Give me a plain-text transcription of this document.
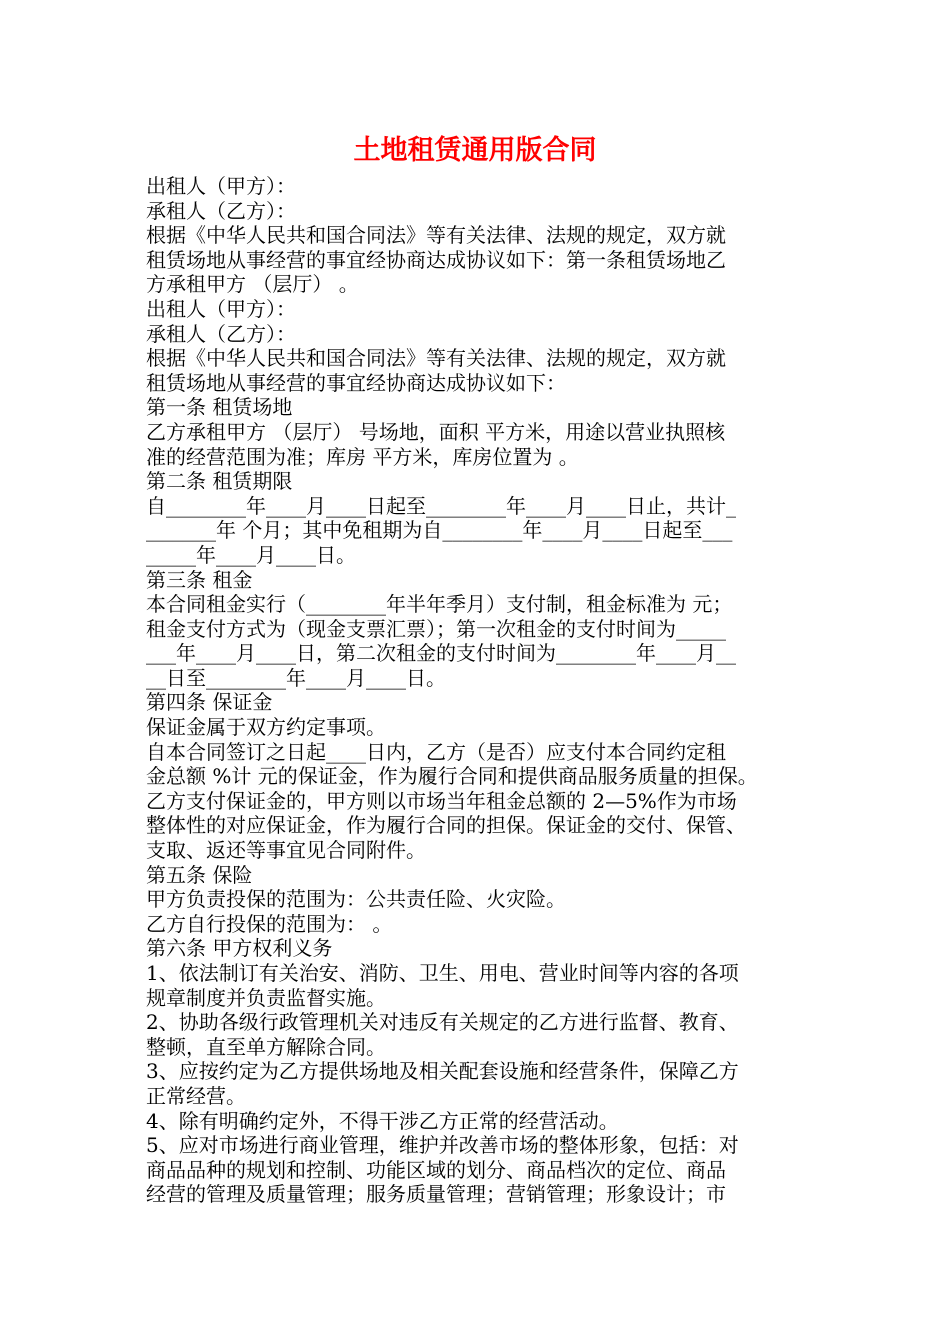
土地租赁通用版合同
出租人（甲方）：
承租人（乙方）：
根据《中华人民共和国合同法》等有关法律、法规的规定，双方就
租赁场地从事经营的事宜经协商达成协议如下：第一条租赁场地乙
方承租甲方 （层厅） 。
出租人（甲方）：
承租人（乙方）：
根据《中华人民共和国合同法》等有关法律、法规的规定，双方就
租赁场地从事经营的事宜经协商达成协议如下：
第一条 租赁场地
乙方承租甲方 （层厅） 号场地，面积 平方米，用途以营业执照核
准的经营范围为准；库房 平方米，库房位置为 。
第二条 租赁期限
自________年____月____日起至________年____月____日止，共计_
_______年 个月；其中免租期为自________年____月____日起至___
_____年____月____日。
第三条 租金
本合同租金实行（________年半年季月）支付制，租金标准为 元；
租金支付方式为（现金支票汇票）；第一次租金的支付时间为_____
___年____月____日，第二次租金的支付时间为________年____月__
__日至________年____月____日。
第四条 保证金
保证金属于双方约定事项。
自本合同签订之日起____日内，乙方（是否）应支付本合同约定租
金总额 %计 元的保证金，作为履行合同和提供商品服务质量的担保。
乙方支付保证金的，甲方则以市场当年租金总额的 2—5%作为市场
整体性的对应保证金，作为履行合同的担保。保证金的交付、保管、
支取、返还等事宜见合同附件。
第五条 保险
甲方负责投保的范围为：公共责任险、火灾险。
乙方自行投保的范围为： 。
第六条 甲方权利义务
1、依法制订有关治安、消防、卫生、用电、营业时间等内容的各项
规章制度并负责监督实施。
2、协助各级行政管理机关对违反有关规定的乙方进行监督、教育、
整顿，直至单方解除合同。
3、应按约定为乙方提供场地及相关配套设施和经营条件，保障乙方
正常经营。
4、除有明确约定外，不得干涉乙方正常的经营活动。
5、应对市场进行商业管理，维护并改善市场的整体形象，包括：对
商品品种的规划和控制、功能区域的划分、商品档次的定位、商品
经营的管理及质量管理；服务质量管理；营销管理；形象设计；市
